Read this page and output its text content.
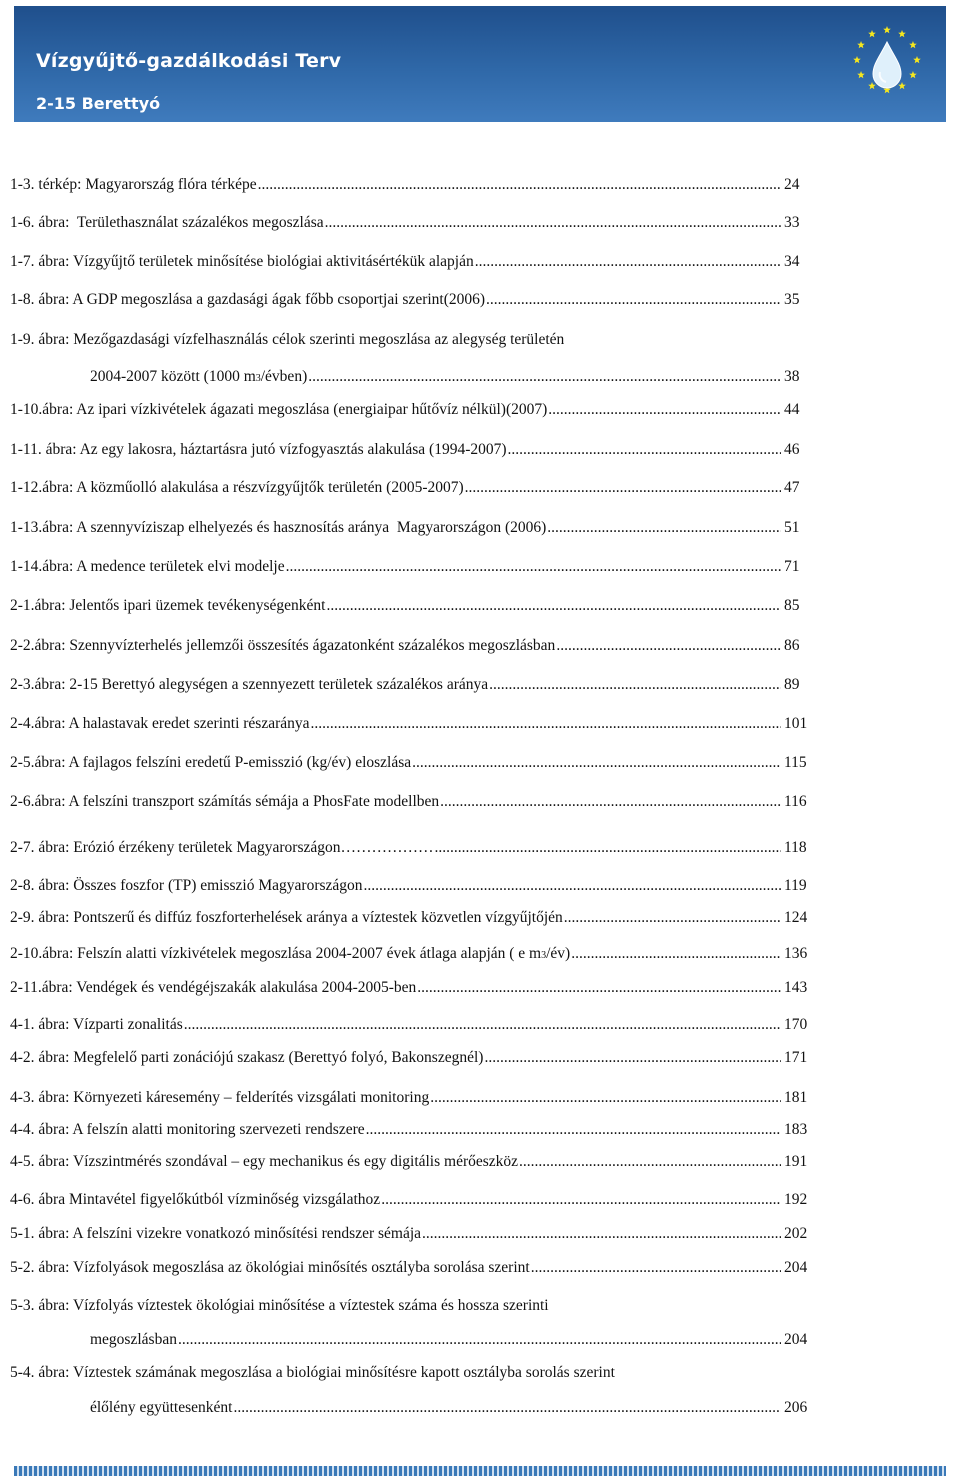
Vízgyűjtő-gazdálkodási Terv
2-15 Berettyó
1-3. térkép: Magyarország flóra térképe .....	24
1-6. ábra:  Területhasználat százalékos megoszlása .....	33
1-7. ábra: Vízgyűjtő területek minősítése biológiai aktivitásértékük alapján .....	34
1-8. ábra: A GDP megoszlása a gazdasági ágak főbb csoportjai szerint(2006) .....	35
1-9. ábra: Mezőgazdasági vízfelhasználás célok szerinti megoszlása az alegység területén
2004-2007 között (1000 m 3 /évben) .....	38
1-10.ábra: Az ipari vízkivételek ágazati megoszlása (energiaipar hűtővíz nélkül)(2007) .....	44
1-11. ábra: Az egy lakosra, háztartásra jutó vízfogyasztás alakulása (1994-2007) .....	46
1-12.ábra: A közműolló alakulása a részvízgyűjtők területén (2005-2007) .....	47
1-13.ábra: A szennyvíziszap elhelyezés és hasznosítás aránya  Magyarországon (2006) .....	51
1-14.ábra: A medence területek elvi modelje .....	71
2-1.ábra: Jelentős ipari üzemek tevékenységenként .....	85
2-2.ábra: Szennyvízterhelés jellemzői összesítés ágazatonként százalékos megoszlásban .....	86
2-3.ábra: 2-15 Berettyó alegységen a szennyezett területek százalékos aránya .....	89
2-4.ábra: A halastavak eredet szerinti részaránya .....	101
2-5.ábra: A fajlagos felszíni eredetű P-emisszió (kg/év) eloszlása .....	115
2-6.ábra: A felszíni transzport számítás sémája a PhosFate modellben .....	116
2-7. ábra: Erózió érzékeny területek Magyarországon……………… .....	118
2-8. ábra: Összes foszfor (TP) emisszió Magyarországon .....	119
2-9. ábra: Pontszerű és diffúz foszforterhelések aránya a víztestek közvetlen vízgyűjtőjén .....	124
2-10.ábra: Felszín alatti vízkivételek megoszlása 2004-2007 évek átlaga alapján ( e m 3 /év) .....	136
2-11.ábra: Vendégek és vendégéjszakák alakulása 2004-2005-ben .....	143
4-1. ábra: Vízparti zonalitás .....	170
4-2. ábra: Megfelelő parti zonációjú szakasz (Berettyó folyó, Bakonszegnél) .....	171
4-3. ábra: Környezeti káresemény – felderítés vizsgálati monitoring .....	181
4-4. ábra: A felszín alatti monitoring szervezeti rendszere .....	183
4-5. ábra: Vízszintmérés szondával – egy mechanikus és egy digitális mérőeszköz .....	191
4-6. ábra Mintavétel figyelőkútból vízminőség vizsgálathoz .....	192
5-1. ábra: A felszíni vizekre vonatkozó minősítési rendszer sémája .....	202
5-2. ábra: Vízfolyások megoszlása az ökológiai minősítés osztályba sorolása szerint .....	204
5-3. ábra: Vízfolyás víztestek ökológiai minősítése a víztestek száma és hossza szerinti
megoszlásban .....	204
5-4. ábra: Víztestek számának megoszlása a biológiai minősítésre kapott osztályba sorolás szerint
élőlény együttesenként .....	206
